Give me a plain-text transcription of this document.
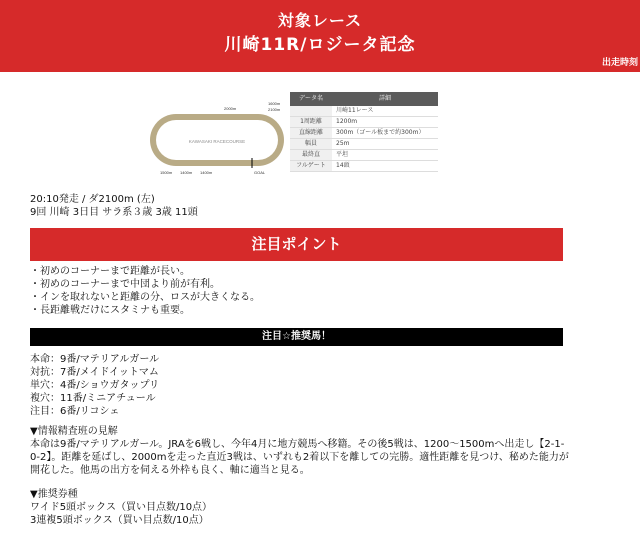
対象レース
川崎11R/ロジータ記念
出走時刻
KAWASAKI RACECOURSE
2000m
1600m
2100m
1500m 1400m 1400m	GOAL
データ名	詳細
	川崎11レース
1周距離	1200m
直線距離	300m（ゴール板まで約300m）
幅員	25m
最終直	平坦
フルゲート	14頭
20:10発走 / ダ2100m (左)
9回 川崎 3日目 サラ系３歳 3歳 11頭
注目ポイント
・初めのコーナーまで距離が長い。
・初めのコーナーまで中団より前が有利。
・インを取れないと距離の分、ロスが大きくなる。
・長距離戦だけにスタミナも重要。
注目☆推奨馬！
本命：9番/マテリアルガール
対抗：7番/メイドイットマム
単穴：4番/ショウガタップリ
複穴：11番/ミニアチュール
注目：6番/リコシェ
▼情報精査班の見解
本命は9番/マテリアルガール。JRAを6戦し、今年4月に地方競馬へ移籍。その後5戦は、1200～1500mへ出走し【2-1-0-2】。距離を延ばし、2000mを走った直近3戦は、いずれも2着以下を離しての完勝。適性距離を見つけ、秘めた能力が開花した。他馬の出方を伺える外枠も良く、軸に適当と見る。
▼推奨券種
ワイド5頭ボックス（買い目点数/10点）
3連複5頭ボックス（買い目点数/10点）
